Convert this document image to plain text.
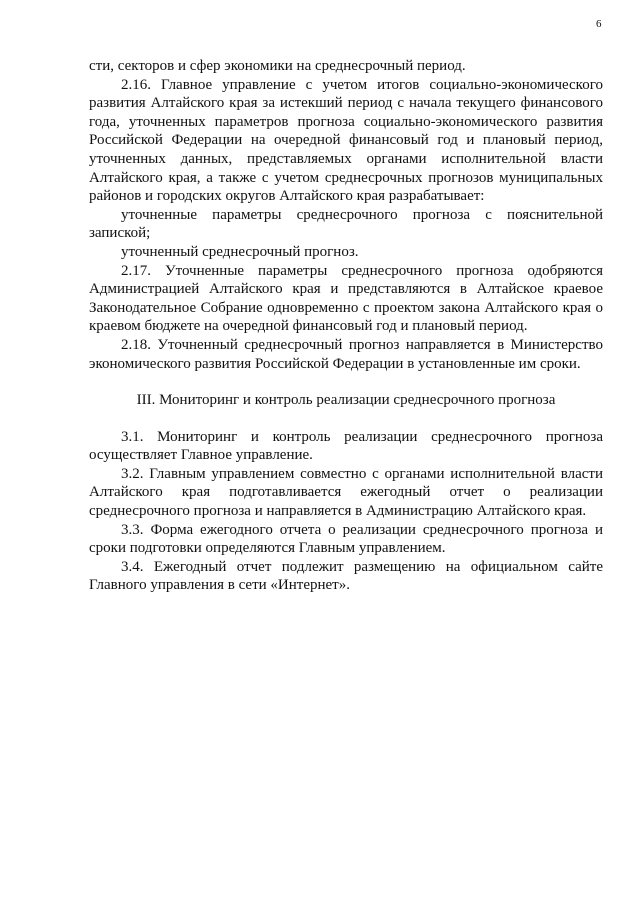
6

сти, секторов и сфер экономики на среднесрочный период.

2.16. Главное управление с учетом итогов социально-экономического развития Алтайского края за истекший период с начала текущего финансового года, уточненных параметров прогноза социально-экономического развития Российской Федерации на очередной финансовый год и плановый период, уточненных данных, представляемых органами исполнительной власти Алтайского края, а также с учетом среднесрочных прогнозов муниципальных районов и городских округов Алтайского края разрабатывает:

уточненные параметры среднесрочного прогноза с пояснительной запиской;

уточненный среднесрочный прогноз.

2.17. Уточненные параметры среднесрочного прогноза одобряются Администрацией Алтайского края и представляются в Алтайское краевое Законодательное Собрание одновременно с проектом закона Алтайского края о краевом бюджете на очередной финансовый год и плановый период.

2.18. Уточненный среднесрочный прогноз направляется в Министерство экономического развития Российской Федерации в установленные им сроки.

III. Мониторинг и контроль реализации среднесрочного прогноза

3.1. Мониторинг и контроль реализации среднесрочного прогноза осуществляет Главное управление.

3.2. Главным управлением совместно с органами исполнительной власти Алтайского края подготавливается ежегодный отчет о реализации среднесрочного прогноза и направляется в Администрацию Алтайского края.

3.3. Форма ежегодного отчета о реализации среднесрочного прогноза и сроки подготовки определяются Главным управлением.

3.4. Ежегодный отчет подлежит размещению на официальном сайте Главного управления в сети «Интернет».
